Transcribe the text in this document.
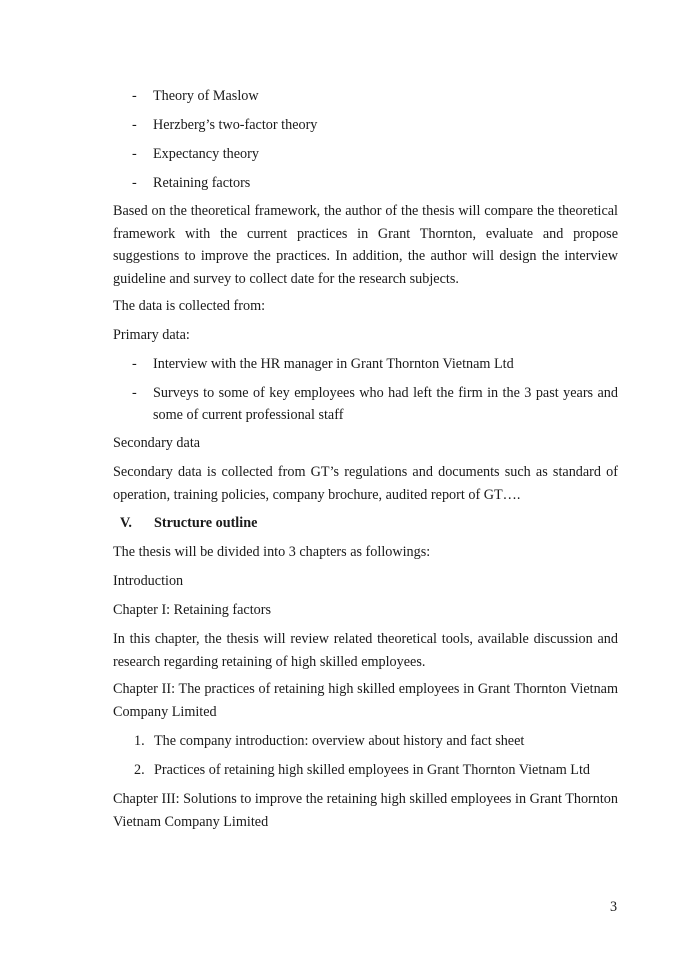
- Theory of Maslow
- Herzberg’s two-factor theory
- Expectancy theory
- Retaining factors

Based on the theoretical framework, the author of the thesis will compare the theoretical framework with the current practices in Grant Thornton, evaluate and propose suggestions to improve the practices. In addition, the author will design the interview guideline and survey to collect date for the research subjects.

The data is collected from:
Primary data:
- Interview with the HR manager in Grant Thornton Vietnam Ltd
- Surveys to some of key employees who had left the firm in the 3 past years and some of current professional staff
Secondary data

Secondary data is collected from GT’s regulations and documents such as standard of operation, training policies, company brochure, audited report of GT….

V. Structure outline
The thesis will be divided into 3 chapters as followings:
Introduction
Chapter I: Retaining factors

In this chapter, the thesis will review related theoretical tools, available discussion and research regarding retaining of high skilled employees.

Chapter II: The practices of retaining high skilled employees in Grant Thornton Vietnam Company Limited

1. The company introduction: overview about history and fact sheet
2. Practices of retaining high skilled employees in Grant Thornton Vietnam Ltd

Chapter III: Solutions to improve the retaining high skilled employees in Grant Thornton Vietnam Company Limited

3
